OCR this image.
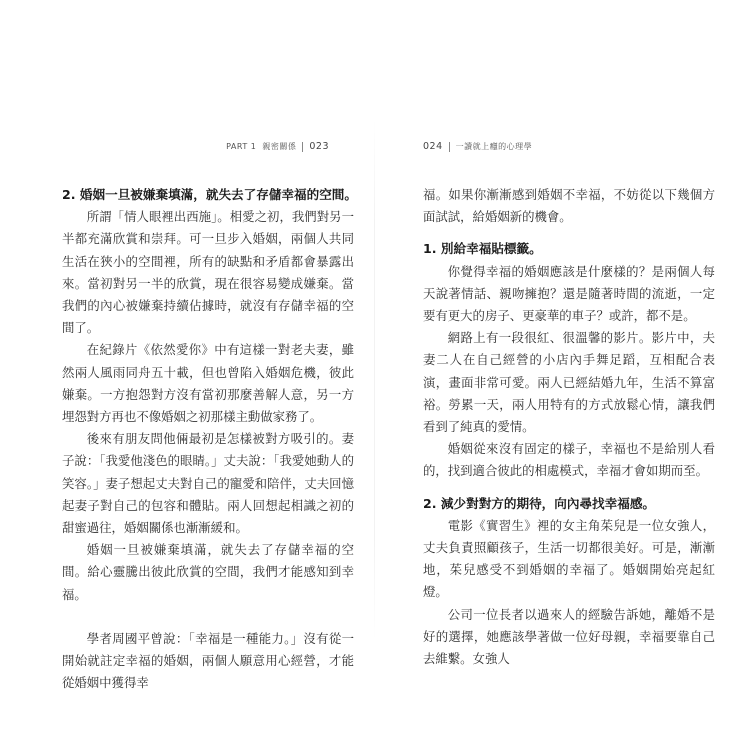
PART 1 親密關係 023

2. 婚姻一旦被嫌棄填滿，就失去了存儲幸福的空間。

所謂「情人眼裡出西施」。相愛之初，我們對另一半都充滿欣賞和崇拜。可一旦步入婚姻，兩個人共同生活在狹小的空間裡，所有的缺點和矛盾都會暴露出來。當初對另一半的欣賞，現在很容易變成嫌棄。當我們的內心被嫌棄持續佔據時，就沒有存儲幸福的空間了。

在紀錄片《依然愛你》中有這樣一對老夫妻，雖然兩人風雨同舟五十載，但也曾陷入婚姻危機，彼此嫌棄。一方抱怨對方沒有當初那麼善解人意，另一方埋怨對方再也不像婚姻之初那樣主動做家務了。

後來有朋友問他倆最初是怎樣被對方吸引的。妻子說：「我愛他淺色的眼睛。」丈夫說：「我愛她動人的笑容。」妻子想起丈夫對自己的寵愛和陪伴，丈夫回憶起妻子對自己的包容和體貼。兩人回想起相識之初的甜蜜過往，婚姻關係也漸漸緩和。

婚姻一旦被嫌棄填滿，就失去了存儲幸福的空間。給心靈騰出彼此欣賞的空間，我們才能感知到幸福。

學者周國平曾說：「幸福是一種能力。」沒有從一開始就註定幸福的婚姻，兩個人願意用心經營，才能從婚姻中獲得幸

024 一讀就上癮的心理學

福。如果你漸漸感到婚姻不幸福，不妨從以下幾個方面試試，給婚姻新的機會。

1. 別給幸福貼標籤。

你覺得幸福的婚姻應該是什麼樣的？是兩個人每天說著情話、親吻擁抱？還是隨著時間的流逝，一定要有更大的房子、更豪華的車子？或許，都不是。

網路上有一段很紅、很溫馨的影片。影片中，夫妻二人在自己經營的小店內手舞足蹈，互相配合表演，畫面非常可愛。兩人已經結婚九年，生活不算富裕。勞累一天，兩人用特有的方式放鬆心情，讓我們看到了純真的愛情。

婚姻從來沒有固定的樣子，幸福也不是給別人看的，找到適合彼此的相處模式，幸福才會如期而至。

2. 減少對對方的期待，向內尋找幸福感。

電影《實習生》裡的女主角茱兒是一位女強人，丈夫負責照顧孩子，生活一切都很美好。可是，漸漸地，茱兒感受不到婚姻的幸福了。婚姻開始亮起紅燈。

公司一位長者以過來人的經驗告訴她，離婚不是好的選擇，她應該學著做一位好母親，幸福要靠自己去維繫。女強人
